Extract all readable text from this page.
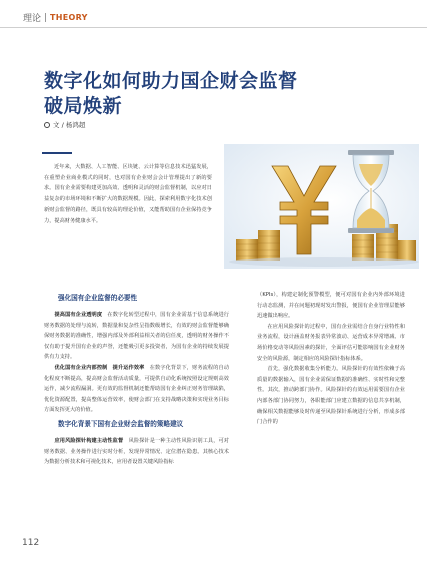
理论 THEORY
数字化如何助力国企财会监督
破局焕新
文 / 杨鸿超
近年来，大数据、人工智能、区块链、云计算等信息技术迅猛发展，在重塑企业商业模式的同时，也对国有企业财会会计管理提出了新的要求。国有企业需要构建更加高效、透明和灵活的财会监督机制，以应对日益复杂的市场环境和不断扩大的数据规模。因此，探索利用数字化技术创新财会监督的路径，既具有较高的理论价值，又能帮助国有企业保持竞争力，提高财务健康水平。
强化国有企业监督的必要性

提高国有企业透明度　 在数字化转型过程中，国有企业需基于信息系统进行财务数据的处理与流转，数据量和复杂性呈指数级增长，有效的财会监督能够确保财务数据的准确性，增强内部及外部利益相关者的信任度，透明的财务操作不仅有助于提升国有企业的声誉，还能吸引更多投资者，为国有企业的持续发展提供有力支持。

优化国有企业内部控制　提升运作效率　 在数字化背景下，财务流程的自动化程度不断提高，提高财会监督活动质量，可提供自动化系统按照设定规则高效运作，减少流程漏洞。更有效的监督机制还能帮助国有企业纠正财务管理缺陷，优化资源配置，提高整体运营效率，使财会部门在支持战略决策和实现业务目标方面发挥更大的价值。

数字化背景下国有企业财会监督的策略建议

应用风险探针构建主动性监督　 风险探针是一种主动性风险识别工具，可对财务数据、业务操作进行实时分析，发现异常情况、定位潜在隐患。其核心技术为数据分析技术和可视化技术，应用者设置关键风险指标

（KPIs），构建定制化预警模型，便可对国有企业内外部环境进行动态监测，并在问题初现时发出警报，便国有企业管理层能够迅速做出响应。

在应用风险探针的过程中，国有企业需结合自身行业特性和业务流程，设计涵盖财务报表异常波动、运营成本异常增减、市场价格变动等风险因素的探针，全面评估可能影响国有企业财务安全的风险源，制定相应的风险探针指标体系。

首先，强化数据收集分析能力。风险探针的有效性依赖于高质量的数据输入，国有企业需保证数据的准确性、实时性和完整性。其次，推动跨部门协作。风险探针的有效运用需要国有企业内部各部门协同努力，各职能部门应建立数据的信息共享机制，确保相关数据能够及时传递至风险探针系统进行分析，形成多部门合作的

112
